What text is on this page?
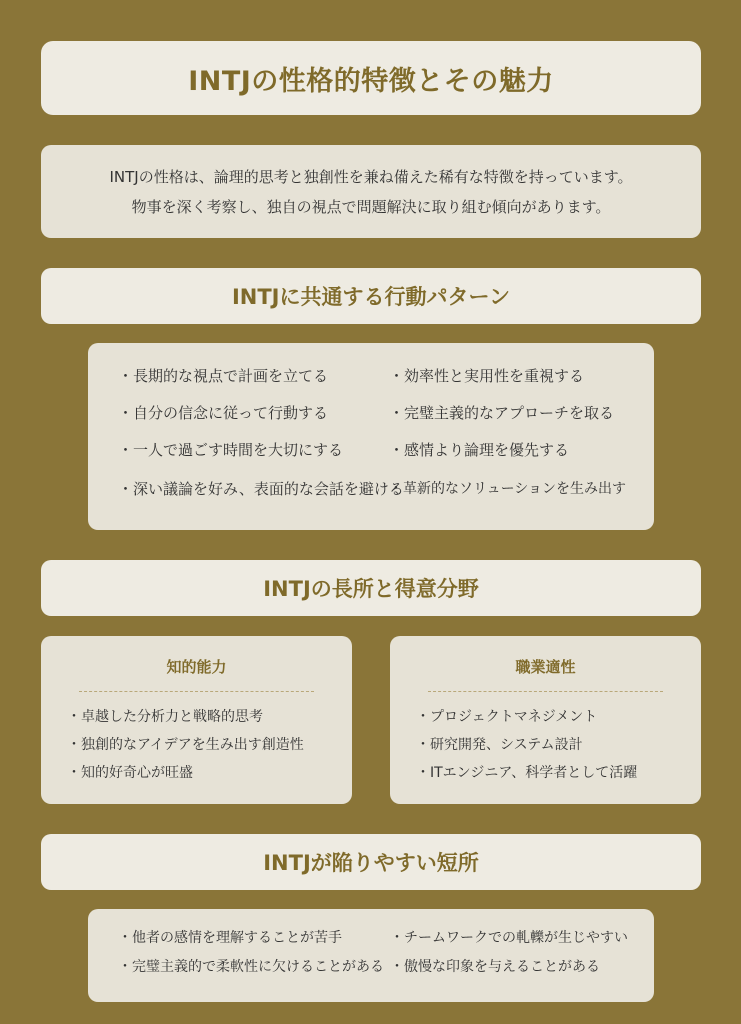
INTJの性格的特徴とその魅力

INTJの性格は、論理的思考と独創性を兼ね備えた稀有な特徴を持っています。

物事を深く考察し、独自の視点で問題解決に取り組む傾向があります。

INTJに共通する行動パターン
・長期的な視点で計画を立てる
・自分の信念に従って行動する
・一人で過ごす時間を大切にする
・深い議論を好み、表面的な会話を避ける
・効率性と実用性を重視する
・完璧主義的なアプローチを取る
・感情より論理を優先する
・革新的なソリューションを生み出す
INTJの長所と得意分野
知的能力
・卓越した分析力と戦略的思考
・独創的なアイデアを生み出す創造性
・知的好奇心が旺盛
職業適性
・プロジェクトマネジメント
・研究開発、システム設計
・ITエンジニア、科学者として活躍
INTJが陥りやすい短所
・他者の感情を理解することが苦手
・完璧主義的で柔軟性に欠けることがある
・チームワークでの軋轢が生じやすい
・傲慢な印象を与えることがある
